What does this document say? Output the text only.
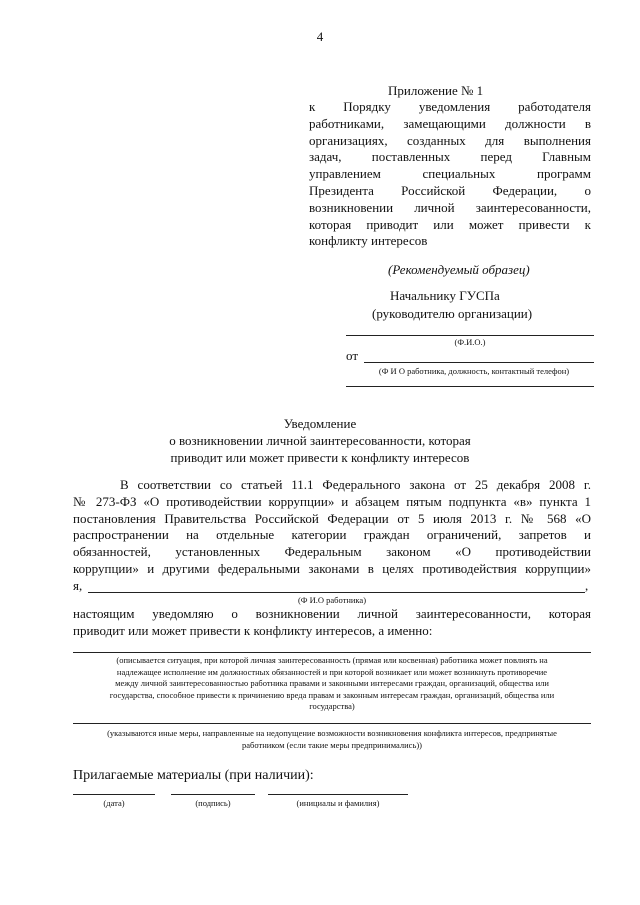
4
Приложение № 1
к Порядку уведомления работодателя
работниками, замещающими должности в
организациях, созданных для выполнения
задач, поставленных перед Главным
управлением специальных программ
Президента Российской Федерации, о
возникновении личной заинтересованности,
которая приводит или может привести к
конфликту интересов
(Рекомендуемый образец)
Начальнику ГУСПа
(руководителю организации)
(Ф.И.О.)
от
(Ф И О работника, должность, контактный телефон)
Уведомление
о возникновении личной заинтересованности, которая
приводит или может привести к конфликту интересов
В соответствии со статьей 11.1 Федерального закона от 25 декабря 2008 г.
№ 273-ФЗ «О противодействии коррупции» и абзацем пятым подпункта «в» пункта 1
постановления Правительства Российской Федерации от 5 июля 2013 г. № 568 «О
распространении на отдельные категории граждан ограничений, запретов и
обязанностей, установленных Федеральным законом «О противодействии
коррупции» и другими федеральными законами в целях противодействия коррупции»
я,	,
(Ф И.О работника)
настоящим уведомляю о возникновении личной заинтересованности, которая
приводит или может привести к конфликту интересов, а именно:
(описывается ситуация, при которой личная заинтересованность (прямая или косвенная) работника может повлиять на
надлежащее исполнение им должностных обязанностей и при которой возникает или может возникнуть противоречие
между личной заинтересованностью работника правами и законными интересами граждан, организаций, общества или
государства, способное привести к причинению вреда правам и законным интересам граждан, организаций, общества или
государства)
(указываются иные меры, направленные на недопущение возможности возникновения конфликта интересов, предпринятые
работником (если такие меры предпринимались))
Прилагаемые материалы (при наличии):
(дата)	(подпись)	(инициалы и фамилия)
